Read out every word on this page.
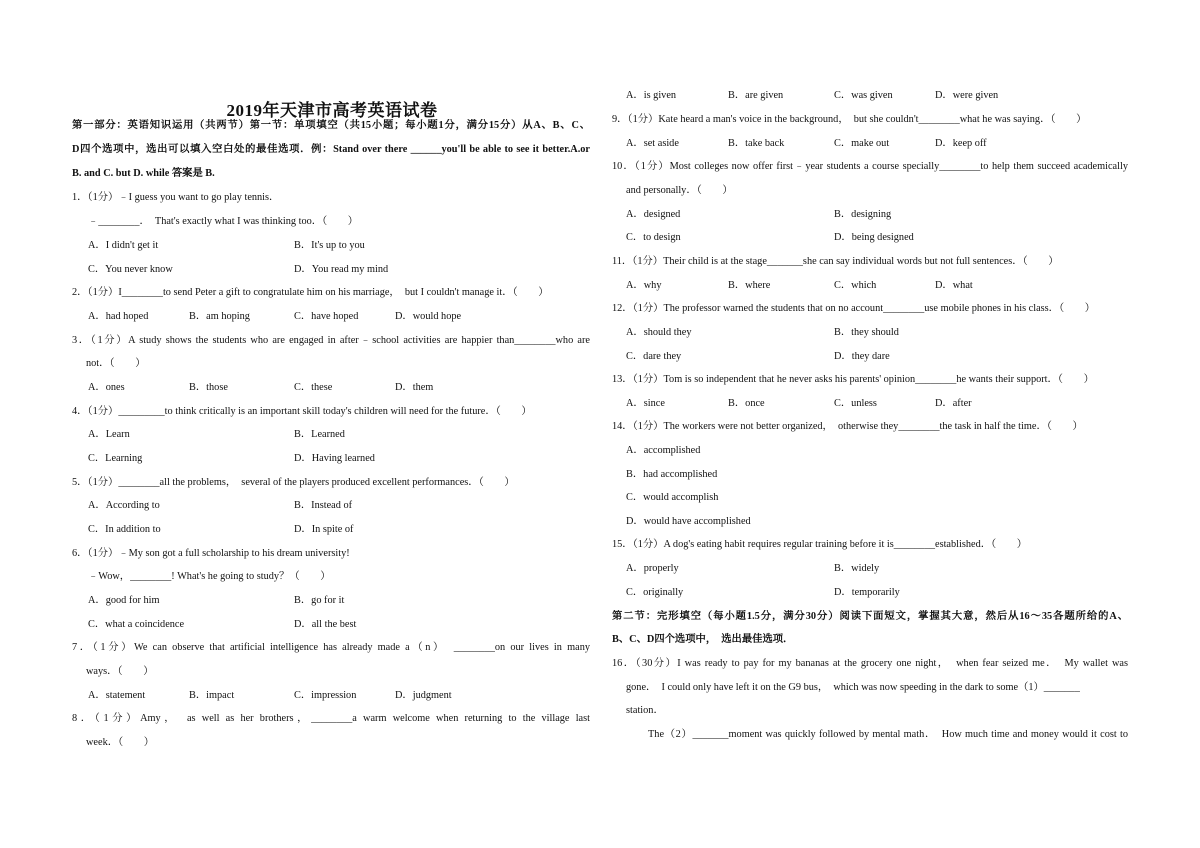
2019年天津市高考英语试卷
第一部分：英语知识运用（共两节）第一节：单项填空（共15小题；每小题1分，满分15分）从A、B、C、
D四个选项中，选出可以填入空白处的最佳选项．例：Stand over there ______you'll be able to see it better.A.or
B. and C. but D. while 答案是 B.
1．（1分）﹣I guess you want to go play tennis．
﹣________．　That's exactly what I was thinking too．（　　）
2．（1分）I________to send Peter a gift to congratulate him on his marriage，　but I couldn't manage it．（　　）
3．（1分）A study shows the students who are engaged in after﹣school activities are happier than________who are
not．（　　）
4．（1分）_________to think critically is an important skill today's children will need for the future．（　　）
5．（1分）________all the problems，　several of the players produced excellent performances．（　　）
6．（1分）﹣My son got a full scholarship to his dream university!
﹣Wow，________! What's he going to study？（　　）
7．（1分）We can observe that artificial intelligence has already made a（n）　________on our lives in many
ways．（　　）
8．（1分）Amy，　as well as her brothers，________a warm welcome when returning to the village last
week．（　　）
A．I didn't get it	B．It's up to you
C．You never know	D．You read my mind
A．had hoped	B．am hoping	C．have hoped	D．would hope
A．ones	B．those	C．these	D．them
A．Learn	B．Learned
C．Learning	D．Having learned
A．According to	B．Instead of
C．In addition to	D．In spite of
A．good for him	B．go for it
C．what a coincidence	D．all the best
A．statement	B．impact	C．impression	D．judgment
9．（1分）Kate heard a man's voice in the background，　but she couldn't________what he was saying．（　　）
10．（1分）Most colleges now offer first﹣year students a course specially________to help them succeed academically
and personally．（　　）
11．（1分）Their child is at the stage_______she can say individual words but not full sentences．（　　）
12．（1分）The professor warned the students that on no account________use mobile phones in his class．（　　）
13．（1分）Tom is so independent that he never asks his parents' opinion________he wants their support．（　　）
14．（1分）The workers were not better organized，　otherwise they________the task in half the time．（　　）
15．（1分）A dog's eating habit requires regular training before it is________established．（　　）
第二节：完形填空（每小题1.5分，满分30分）阅读下面短文，掌握其大意，然后从16～35各题所给的A、
B、C、D四个选项中，　选出最佳选项．
16．（30分）I was ready to pay for my bananas at the grocery one night，　when fear seized me．　My wallet was
gone．　I could only have left it on the G9 bus，　which was now speeding in the dark to some（1）_______
station．
The（2）_______moment was quickly followed by mental math．　How much time and money would it cost to
A．is given	B．are given	C．was given	D．were given
A．set aside	B．take back	C．make out	D．keep off
A．designed	B．designing
C．to design	D．being designed
A．why	B．where	C．which	D．what
A．should they	B．they should
C．dare they	D．they dare
A．since	B．once	C．unless	D．after
A．accomplished
B．had accomplished
C．would accomplish
D．would have accomplished
A．properly	B．widely
C．originally	D．temporarily
